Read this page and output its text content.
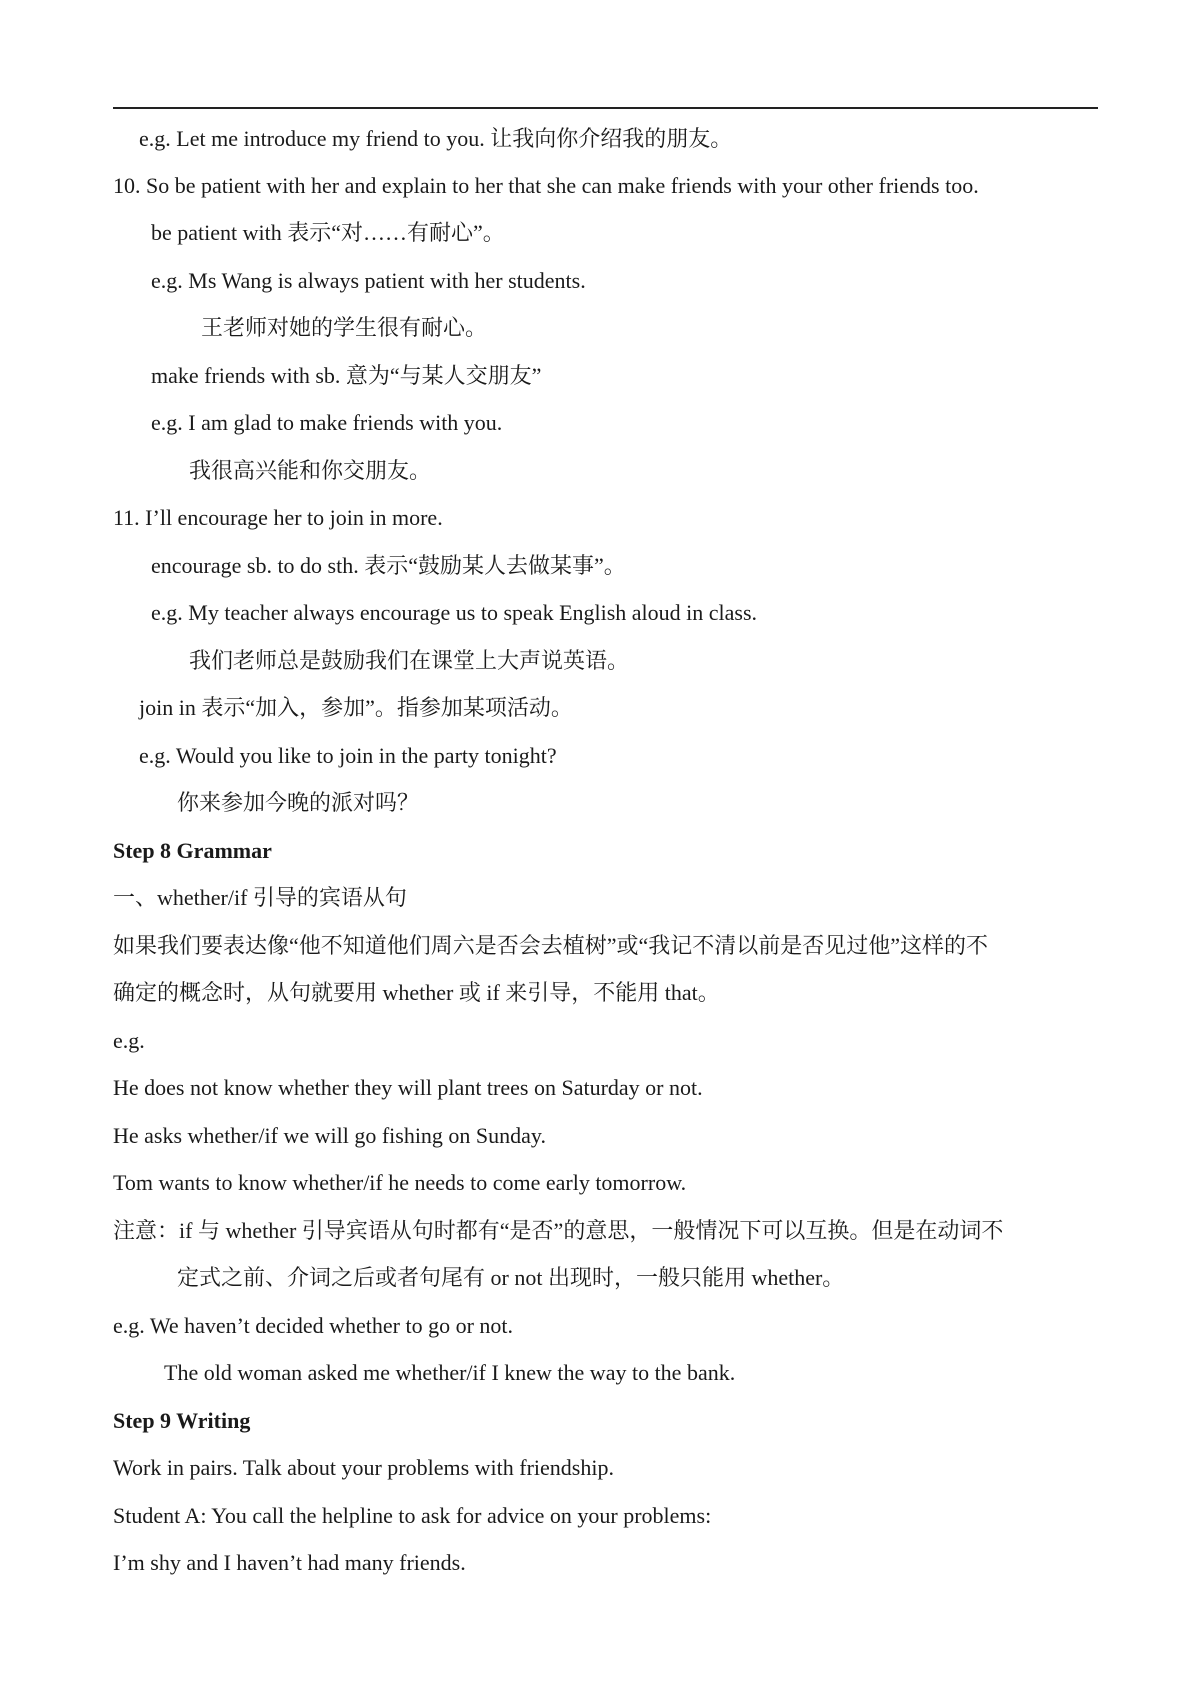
e.g. Let me introduce my friend to you. 让我向你介绍我的朋友。
10. So be patient with her and explain to her that she can make friends with your other friends too.
be patient with 表示“对……有耐心”。
e.g. Ms Wang is always patient with her students.
王老师对她的学生很有耐心。
make friends with sb. 意为“与某人交朋友”
e.g. I am glad to make friends with you.
我很高兴能和你交朋友。
11. I’ll encourage her to join in more.
encourage sb. to do sth. 表示“鼓励某人去做某事”。
e.g. My teacher always encourage us to speak English aloud in class.
我们老师总是鼓励我们在课堂上大声说英语。
join in 表示“加入，参加”。指参加某项活动。
e.g. Would you like to join in the party tonight?
你来参加今晚的派对吗？
Step 8 Grammar
一、whether/if 引导的宾语从句
如果我们要表达像“他不知道他们周六是否会去植树”或“我记不清以前是否见过他”这样的不
确定的概念时，从句就要用 whether 或 if 来引导，不能用 that。
e.g.
He does not know whether they will plant trees on Saturday or not.
He asks whether/if we will go fishing on Sunday.
Tom wants to know whether/if he needs to come early tomorrow.
注意：if 与 whether 引导宾语从句时都有“是否”的意思，一般情况下可以互换。但是在动词不
定式之前、介词之后或者句尾有 or not 出现时，一般只能用 whether。
e.g. We haven’t decided whether to go or not.
The old woman asked me whether/if I knew the way to the bank.
Step 9 Writing
Work in pairs. Talk about your problems with friendship.
Student A: You call the helpline to ask for advice on your problems:
I’m shy and I haven’t had many friends.
